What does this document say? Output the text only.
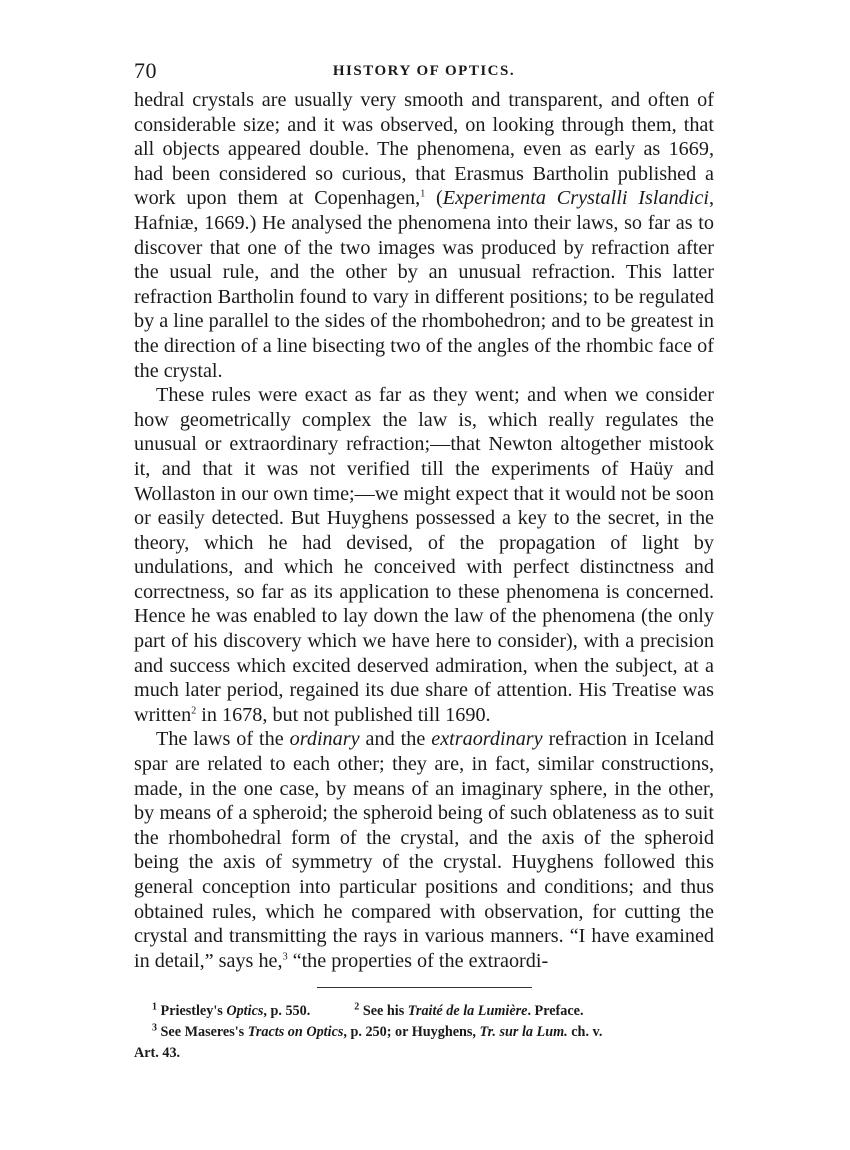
70	HISTORY OF OPTICS.

hedral crystals are usually very smooth and transparent, and often of considerable size; and it was observed, on looking through them, that all objects appeared double. The phenomena, even as early as 1669, had been considered so curious, that Erasmus Bartholin published a work upon them at Copenhagen,$^1$ (Experimenta Crystalli Islandici, Hafniæ, 1669.) He analysed the phenomena into their laws, so far as to discover that one of the two images was produced by refraction after the usual rule, and the other by an unusual refraction. This latter refraction Bartholin found to vary in different positions; to be regulated by a line parallel to the sides of the rhombohedron; and to be greatest in the direction of a line bisecting two of the angles of the rhombic face of the crystal.

These rules were exact as far as they went; and when we consider how geometrically complex the law is, which really regulates the unusual or extraordinary refraction;—that Newton altogether mistook it, and that it was not verified till the experiments of Haüy and Wollaston in our own time;—we might expect that it would not be soon or easily detected. But Huyghens possessed a key to the secret, in the theory, which he had devised, of the propagation of light by undulations, and which he conceived with perfect distinctness and correctness, so far as its application to these phenomena is concerned. Hence he was enabled to lay down the law of the phenomena (the only part of his discovery which we have here to consider), with a precision and success which excited deserved admiration, when the subject, at a much later period, regained its due share of attention. His Treatise was written$^2$ in 1678, but not published till 1690.

The laws of the ordinary and the extraordinary refraction in Iceland spar are related to each other; they are, in fact, similar constructions, made, in the one case, by means of an imaginary sphere, in the other, by means of a spheroid; the spheroid being of such oblateness as to suit the rhombohedral form of the crystal, and the axis of the spheroid being the axis of symmetry of the crystal. Huyghens followed this general conception into particular positions and conditions; and thus obtained rules, which he compared with observation, for cutting the crystal and transmitting the rays in various manners. “I have examined in detail,” says he,$^3$ “the properties of the extraordi-

$^1$ Priestley's Optics, p. 550.	$^2$ See his Traité de la Lumière. Preface.
$^3$ See Maseres's Tracts on Optics, p. 250; or Huyghens, Tr. sur la Lum. ch. v.
Art. 43.
